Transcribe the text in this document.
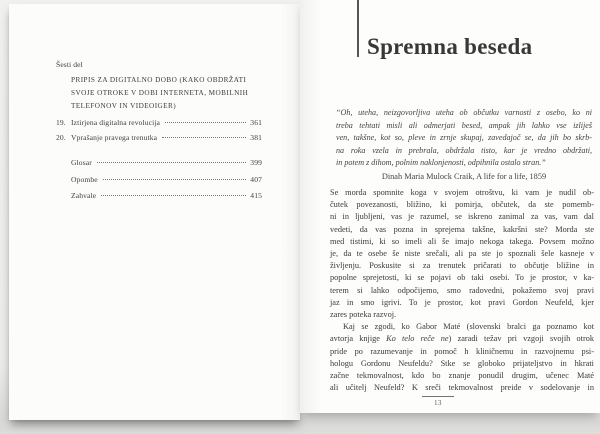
Šesti del
PRIPIS ZA DIGITALNO DOBO (KAKO OBDRŽATI
SVOJE OTROKE V DOBI INTERNETA, MOBILNIH
TELEFONOV IN VIDEOIGER)
19. Iztirjena digitalna revolucija	361
20. Vprašanje pravega trenutka	381
Glosar	399
Opombe	407
Zahvale	415
Spremna beseda
“Oh, uteha, neizgovorljiva uteha ob občutku varnosti z osebo, ko ni
treba tehtati misli ali odmerjati besed, ampak jih lahko vse izliješ
ven, takšne, kot so, pleve in zrnje skupaj, zavedajoč se, da jih bo skrb-
na roka vzela in prebrala, obdržala tisto, kar je vredno obdržati,
in potem z dihom, polnim naklonjenosti, odpihnila ostalo stran.”
Dinah Maria Mulock Craik, A life for a life, 1859
Se morda spomnite koga v svojem otroštvu, ki vam je nudil ob-
čutek povezanosti, bližino, ki pomirja, občutek, da ste pomemb-
ni in ljubljeni, vas je razumel, se iskreno zanimal za vas, vam dal
vedeti, da vas pozna in sprejema takšne, kakršni ste? Morda ste
med tistimi, ki so imeli ali še imajo nekoga takega. Povsem možno
je, da te osebe še niste srečali, ali pa ste jo spoznali šele kasneje v
življenju. Poskusite si za trenutek pričarati to občutje bližine in
popolne sprejetosti, ki se pojavi ob taki osebi. To je prostor, v ka-
terem si lahko odpočijemo, smo radovedni, pokažemo svoj pravi
jaz in smo igrivi. To je prostor, kot pravi Gordon Neufeld, kjer
zares poteka razvoj.
Kaj se zgodi, ko Gabor Maté (slovenski bralci ga poznamo kot
avtorja knjige Ko telo reče ne) zaradi težav pri vzgoji svojih otrok
pride po razumevanje in pomoč h kliničnemu in razvojnemu psi-
hologu Gordonu Neufeldu? Stke se globoko prijateljstvo in hkrati
začne tekmovalnost, kdo bo znanje ponudil drugim, učenec Maté
ali učitelj Neufeld? K sreči tekmovalnost preide v sodelovanje in
13
